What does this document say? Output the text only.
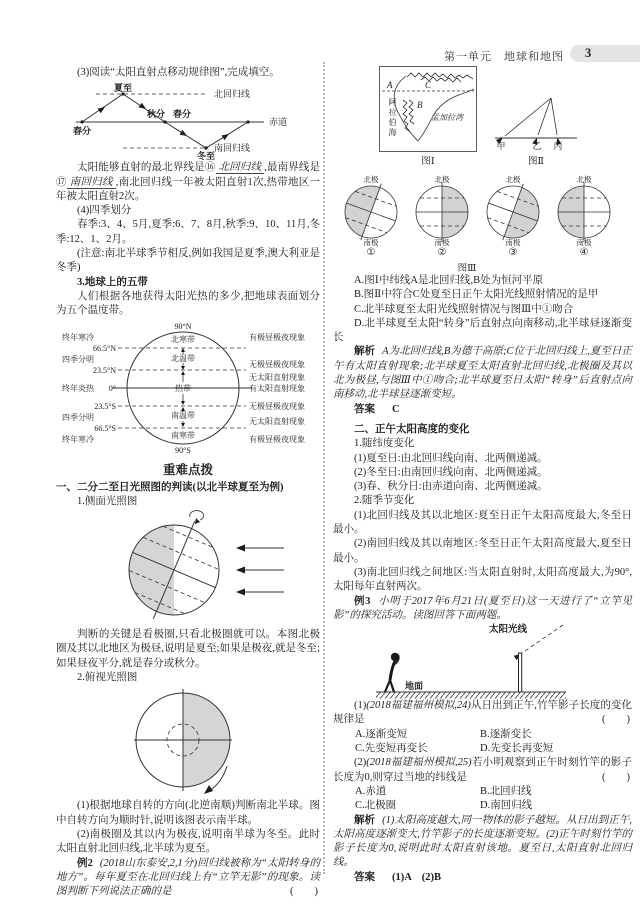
第一单元　 地球和地图	3

(3)阅读“太阳直射点移动规律图”,完成填空。

夏至
北回归线
秋分 春分
赤道
春分
冬至
南回归线

太阳能够直射的最北界线是⑯ 北回归线 ,最南界线是⑰ 南回归线 ,南北回归线一年被太阳直射1次,热带地区一年被太阳直射2次。

(4)四季划分

春季:3、4、5月,夏季:6、7、8月,秋季:9、10、11月,冬季:12、1、2月。

(注意:南北半球季节相反,例如我国是夏季,澳大利亚是冬季)

3.地球上的五带

人们根据各地获得太阳光热的多少,把地球表面划分为五个温度带。

90°N
90°S
66.5°N
23.5°N
0°
23.5°S
66.5°S
终年寒冷
四季分明
终年炎热
四季分明
终年寒冷
北寒带
北温带
热带
南温带
南寒带
有极昼极夜现象
无极昼极夜现象
无太阳直射现象
有太阳直射现象
无极昼极夜现象
无太阳直射现象
有极昼极夜现象
重难点拨

一、二分二至日光照图的判读(以北半球夏至为例)

1.侧面光照图

判断的关键是看极圈,只看北极圈就可以。本图北极圈及其以北地区为极昼,说明是夏至;如果是极夜,就是冬至;如果昼夜平分,就是春分或秋分。

2.俯视光照图

(1)根据地球自转的方向(北逆南顺)判断南北半球。图中自转方向为顺时针,说明该图表示南半球。

(2)南极圈及其以内为极夜,说明南半球为冬至。此时太阳直射北回归线,北半球为夏至。

例2 (2018山东泰安,2,1分)回归线被称为“太阳转身的地方”。每年夏至在北回归线上有“立竿无影”的现象。读图判断下列说法正确的是	(　　)

A	C
B
孟加拉湾
阿拉伯海
图Ⅰ
甲	乙 丙
图Ⅱ
北极
南极
①
北极
南极
②
北极
南极
③
北极
南极
④
图Ⅲ

A.图Ⅰ中纬线A是北回归线,B处为恒河平原

B.图Ⅱ中符合C处夏至日正午太阳光线照射情况的是甲

C.北半球夏至太阳光线照射情况与图Ⅲ中①吻合

D.北半球夏至太阳“转身”后直射点向南移动,北半球昼逐渐变长

解析 A为北回归线,B为德干高原;C位于北回归线上,夏至日正午有太阳直射现象;北半球夏至太阳直射北回归线,北极圈及其以北为极昼,与图Ⅲ中①吻合;北半球夏至日太阳“转身”后直射点向南移动,北半球昼逐渐变短。

答案 C

二、正午太阳高度的变化

1.随纬度变化

(1)夏至日:由北回归线向南、北两侧递减。

(2)冬至日:由南回归线向南、北两侧递减。

(3)春、秋分日:由赤道向南、北两侧递减。

2.随季节变化

(1)北回归线及其以北地区:夏至日正午太阳高度最大,冬至日最小。

(2)南回归线及其以南地区:冬至日正午太阳高度最大,夏至日最小。

(3)南北回归线之间地区:当太阳直射时,太阳高度最大,为90°,太阳每年直射两次。

例3 小明于2017年6月21日(夏至日)这一天进行了“立竿见影”的探究活动。读图回答下面两题。

太阳光线
地面

(1)(2018福建福州模拟,24)从日出到正午,竹竿影子长度的变化规律是	(　　)

A.逐渐变短	B.逐渐变长
C.先变短再变长	D.先变长再变短

(2)(2018福建福州模拟,25)若小明观察到正午时刻竹竿的影子长度为0,则穿过当地的纬线是	(　　)

A.赤道	B.北回归线
C.北极圈	D.南回归线

解析 (1)太阳高度越大,同一物体的影子越短。从日出到正午,太阳高度逐渐变大,竹竿影子的长度逐渐变短。(2)正午时刻竹竿的影子长度为0,说明此时太阳直射该地。夏至日,太阳直射北回归线。

答案 (1)A　(2)B
